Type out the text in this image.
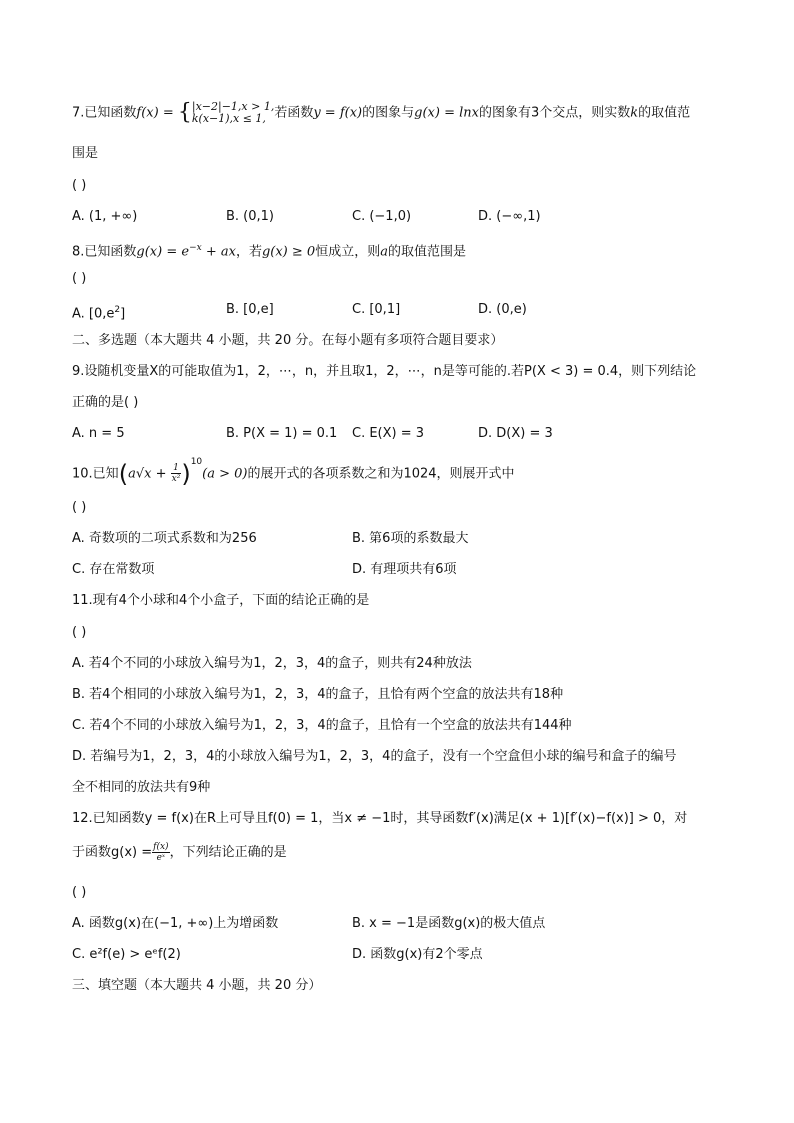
7.已知函数f(x) = { |x−2|−1,x > 1,
k(x−1),x ≤ 1, 若函数y = f(x)的图象与g(x) = lnx的图象有3个交点，则实数k的取值范
围是
( )
A. (1, +∞)	B. (0,1)	C. (−1,0)	D. (−∞,1)
8.已知函数$g(x) = e^{-x}$ + ax，若g(x) ≥ 0恒成立，则a的取值范围是
( )
A. $[0,e^2]$	B. [0,e]	C. [0,1]	D. (0,e)
二、多选题（本大题共 4 小题，共 20 分。在每小题有多项符合题目要求）
9.设随机变量X的可能取值为1，2，⋯，n，并且取1，2，⋯，n是等可能的.若P(X < 3) = 0.4，则下列结论
正确的是( )
A. n = 5	B. P(X = 1) = 0.1 C. E(X) = 3	D. D(X) = 3
10.已知$(a√x + \frac{1}{\text{x²}} )^{10}(a > 0)$的展开式的各项系数之和为1024，则展开式中
( )
A. 奇数项的二项式系数和为256	B. 第6项的系数最大
C. 存在常数项	D. 有理项共有6项
11.现有4个小球和4个小盒子，下面的结论正确的是
( )
A. 若4个不同的小球放入编号为1，2，3，4的盒子，则共有24种放法
B. 若4个相同的小球放入编号为1，2，3，4的盒子，且恰有两个空盒的放法共有18种
C. 若4个不同的小球放入编号为1，2，3，4的盒子，且恰有一个空盒的放法共有144种
D. 若编号为1，2，3，4的小球放入编号为1，2，3，4的盒子，没有一个空盒但小球的编号和盒子的编号
全不相同的放法共有9种
12.已知函数y = f(x)在R上可导且f(0) = 1，当x ≠ −1时，其导函数f′(x)满足(x + 1)[f′(x)−f(x)] > 0，对
于函数$g(x) = \frac{f(x)}{\text{eˣ}}$ ，下列结论正确的是
( )
A. 函数g(x)在(−1, +∞)上为增函数	B. x = −1是函数g(x)的极大值点
C. e²f(e) > eᵉf(2)	D. 函数g(x)有2个零点
三、填空题（本大题共 4 小题，共 20 分）
